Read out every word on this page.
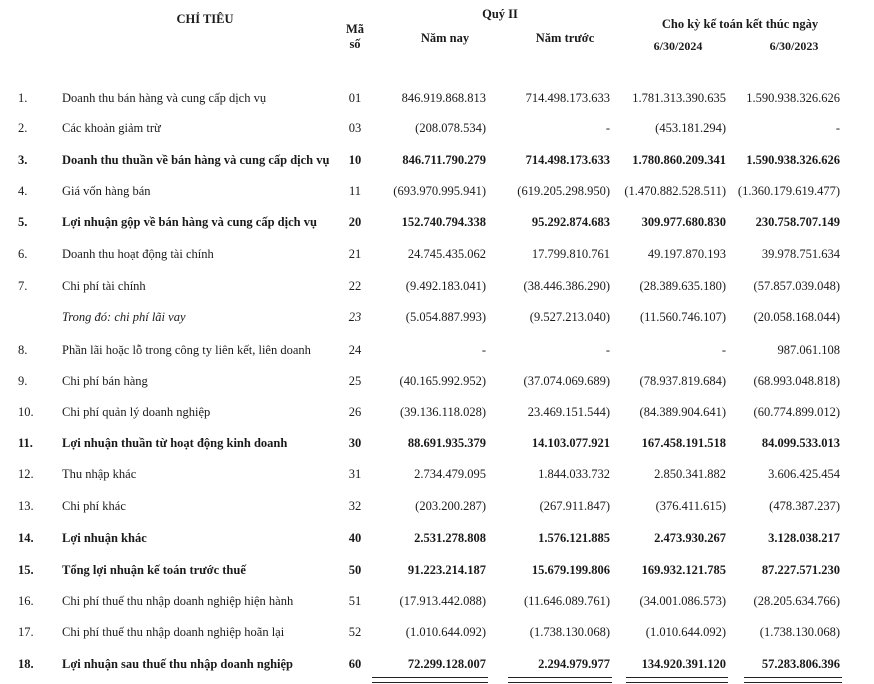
CHỈ TIÊU
Mã
số
Quý II
Năm nay	Năm trước
Cho kỳ kế toán kết thúc ngày
6/30/2024	6/30/2023
1.	Doanh thu bán hàng và cung cấp dịch vụ	01	846.919.868.813	714.498.173.633	1.781.313.390.635	1.590.938.326.626
2.	Các khoản giảm trừ	03	(208.078.534)	-	(453.181.294)	-
3.	Doanh thu thuần về bán hàng và cung cấp dịch vụ	10	846.711.790.279	714.498.173.633	1.780.860.209.341	1.590.938.326.626
4.	Giá vốn hàng bán	11	(693.970.995.941)	(619.205.298.950)	(1.470.882.528.511) (1.360.179.619.477)
5.	Lợi nhuận gộp về bán hàng và cung cấp dịch vụ	20	152.740.794.338	95.292.874.683	309.977.680.830	230.758.707.149
6.	Doanh thu hoạt động tài chính	21	24.745.435.062	17.799.810.761	49.197.870.193	39.978.751.634
7.	Chi phí tài chính	22	(9.492.183.041)	(38.446.386.290)	(28.389.635.180)	(57.857.039.048)
Trong đó: chi phí lãi vay	23	(5.054.887.993)	(9.527.213.040)	(11.560.746.107)	(20.058.168.044)
8.	Phần lãi hoặc lỗ trong công ty liên kết, liên doanh	24	-	-	-	987.061.108
9.	Chi phí bán hàng	25	(40.165.992.952)	(37.074.069.689)	(78.937.819.684)	(68.993.048.818)
10.	Chi phí quản lý doanh nghiệp	26	(39.136.118.028)	23.469.151.544)	(84.389.904.641)	(60.774.899.012)
11.	Lợi nhuận thuần từ hoạt động kinh doanh	30	88.691.935.379	14.103.077.921	167.458.191.518	84.099.533.013
12.	Thu nhập khác	31	2.734.479.095	1.844.033.732	2.850.341.882	3.606.425.454
13.	Chi phí khác	32	(203.200.287)	(267.911.847)	(376.411.615)	(478.387.237)
14.	Lợi nhuận khác	40	2.531.278.808	1.576.121.885	2.473.930.267	3.128.038.217
15.	Tổng lợi nhuận kế toán trước thuế	50	91.223.214.187	15.679.199.806	169.932.121.785	87.227.571.230
16.	Chi phí thuế thu nhập doanh nghiệp hiện hành	51	(17.913.442.088)	(11.646.089.761)	(34.001.086.573)	(28.205.634.766)
17.	Chi phí thuế thu nhập doanh nghiệp hoãn lại	52	(1.010.644.092)	(1.738.130.068)	(1.010.644.092)	(1.738.130.068)
18.	Lợi nhuận sau thuế thu nhập doanh nghiệp	60	72.299.128.007	2.294.979.977	134.920.391.120	57.283.806.396
